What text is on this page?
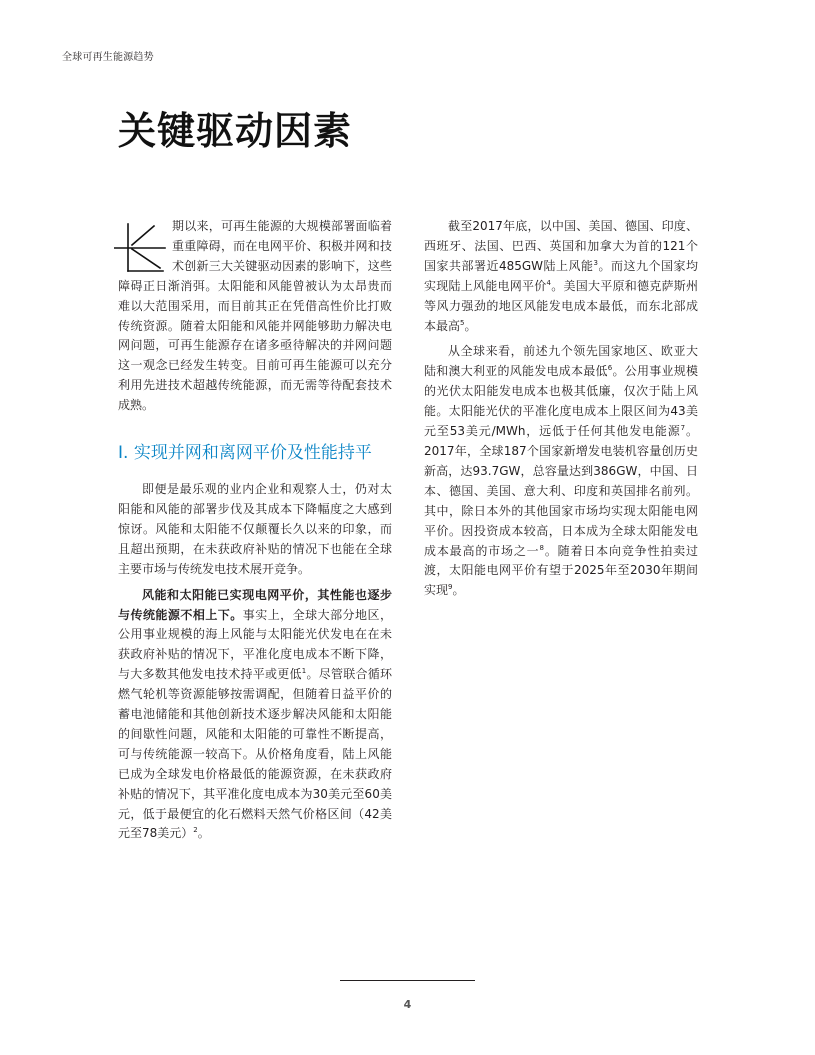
全球可再生能源趋势
关键驱动因素

期以来，可再生能源的大规模部署面临着重重障碍，而在电网平价、积极并网和技术创新三大关键驱动因素的影响下，这些障碍正日渐消弭。太阳能和风能曾被认为太昂贵而难以大范围采用，而目前其正在凭借高性价比打败传统资源。随着太阳能和风能并网能够助力解决电网问题，可再生能源存在诸多亟待解决的并网问题这一观念已经发生转变。目前可再生能源可以充分利用先进技术超越传统能源，而无需等待配套技术成熟。

I. 实现并网和离网平价及性能持平

即便是最乐观的业内企业和观察人士，仍对太阳能和风能的部署步伐及其成本下降幅度之大感到惊讶。风能和太阳能不仅颠覆长久以来的印象，而且超出预期，在未获政府补贴的情况下也能在全球主要市场与传统发电技术展开竞争。

风能和太阳能已实现电网平价，其性能也逐步与传统能源不相上下。事实上，全球大部分地区，公用事业规模的海上风能与太阳能光伏发电在在未获政府补贴的情况下，平准化度电成本不断下降，与大多数其他发电技术持平或更低$^1$。尽管联合循环燃气轮机等资源能够按需调配，但随着日益平价的蓄电池储能和其他创新技术逐步解决风能和太阳能的间歇性问题，风能和太阳能的可靠性不断提高，可与传统能源一较高下。从价格角度看，陆上风能已成为全球发电价格最低的能源资源，在未获政府补贴的情况下，其平准化度电成本为30美元至60美元，低于最便宜的化石燃料天然气价格区间（42美元至78美元）$^2$。

截至2017年底，以中国、美国、德国、印度、西班牙、法国、巴西、英国和加拿大为首的121个国家共部署近485GW陆上风能$^3$。而这九个国家均实现陆上风能电网平价$^4$。美国大平原和德克萨斯州等风力强劲的地区风能发电成本最低，而东北部成本最高$^5$。

从全球来看，前述九个领先国家地区、欧亚大陆和澳大利亚的风能发电成本最低$^6$。公用事业规模的光伏太阳能发电成本也极其低廉，仅次于陆上风能。太阳能光伏的平准化度电成本上限区间为43美元至53美元/MWh，远低于任何其他发电能源$^7$。2017年，全球187个国家新增发电装机容量创历史新高，达93.7GW，总容量达到386GW，中国、日本、德国、美国、意大利、印度和英国排名前列。其中，除日本外的其他国家市场均实现太阳能电网平价。因投资成本较高，日本成为全球太阳能发电成本最高的市场之一$^8$。随着日本向竞争性拍卖过渡，太阳能电网平价有望于2025年至2030年期间实现$^9$。

4
